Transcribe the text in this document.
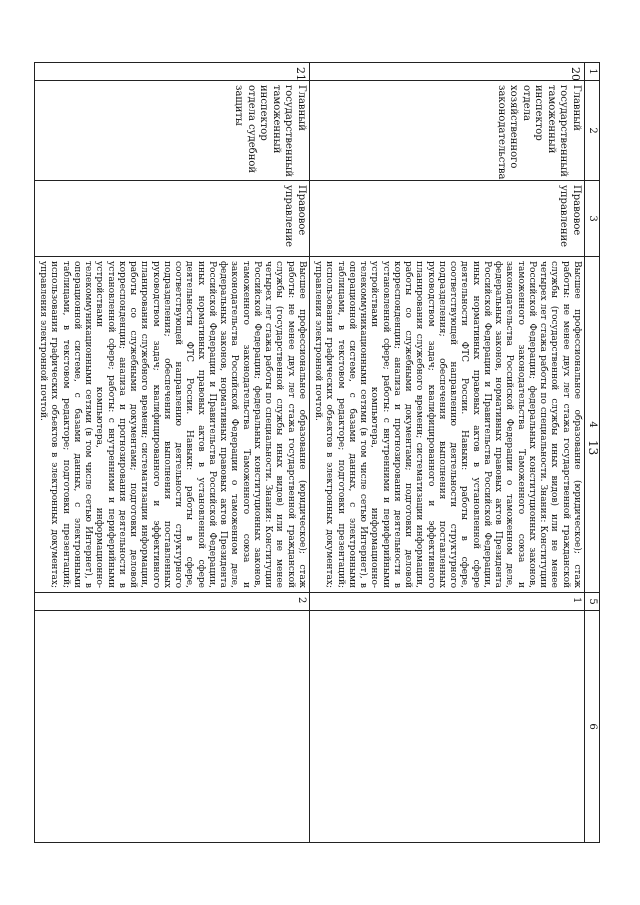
13
1	2	3	4	5	6
20	Главный государственный таможенный инспектор отдела хозяйственного законодательства	Правовое управление	Высшее профессиональное образование (юридическое); стаж работы: не менее двух лет стажа государственной гражданской службы (государственной службы иных видов) или не менее четырех лет стажа работы по специальности. Знания: Конституции Российской Федерации; федеральных конституционных законов, таможенного законодательства Таможенного союза и законодательства Российской Федерации о таможенном деле, федеральных законов, нормативных правовых актов Президента Российской Федерации и Правительства Российской Федерации, иных нормативных правовых актов в установленной сфере деятельности ФТС России. Навыки: работы в сфере, соответствующей направлению деятельности структурного подразделения; обеспечения выполнения поставленных руководством задач; квалифицированного и эффективного планирования служебного времени; систематизации информации, работы со служебными документами; подготовки деловой корреспонденции; анализа и прогнозирования деятельности в установленной сфере; работы: с внутренними и периферийными устройствами компьютера, информационно-телекоммуникационными сетями (в том числе сетью Интернет), в операционной системе, с базами данных, с электронными таблицами, в текстовом редакторе; подготовки презентаций; использования графических объектов в электронных документах; управления электронной почтой.	1	
21	Главный государственный таможенный инспектор отдела судебной защиты	Правовое управление	Высшее профессиональное образование (юридическое); стаж работы: не менее двух лет стажа государственной гражданской службы (государственной службы иных видов) или не менее четырех лет стажа работы по специальности. Знания: Конституции Российской Федерации; федеральных конституционных законов, таможенного законодательства Таможенного союза и законодательства Российской Федерации о таможенном деле, федеральных законов, нормативных правовых актов Президента Российской Федерации и Правительства Российской Федерации, иных нормативных правовых актов в установленной сфере деятельности ФТС России. Навыки: работы в сфере, соответствующей направлению деятельности структурного подразделения; обеспечения выполнения поставленных руководством задач; квалифицированного и эффективного планирования служебного времени; систематизации информации, работы со служебными документами; подготовки деловой корреспонденции; анализа и прогнозирования деятельности в установленной сфере; работы: с внутренними и периферийными устройствами компьютера, информационно-телекоммуникационными сетями (в том числе сетью Интернет), в операционной системе, с базами данных, с электронными таблицами, в текстовом редакторе; подготовки презентаций; использования графических объектов в электронных документах; управления электронной почтой.	2	
